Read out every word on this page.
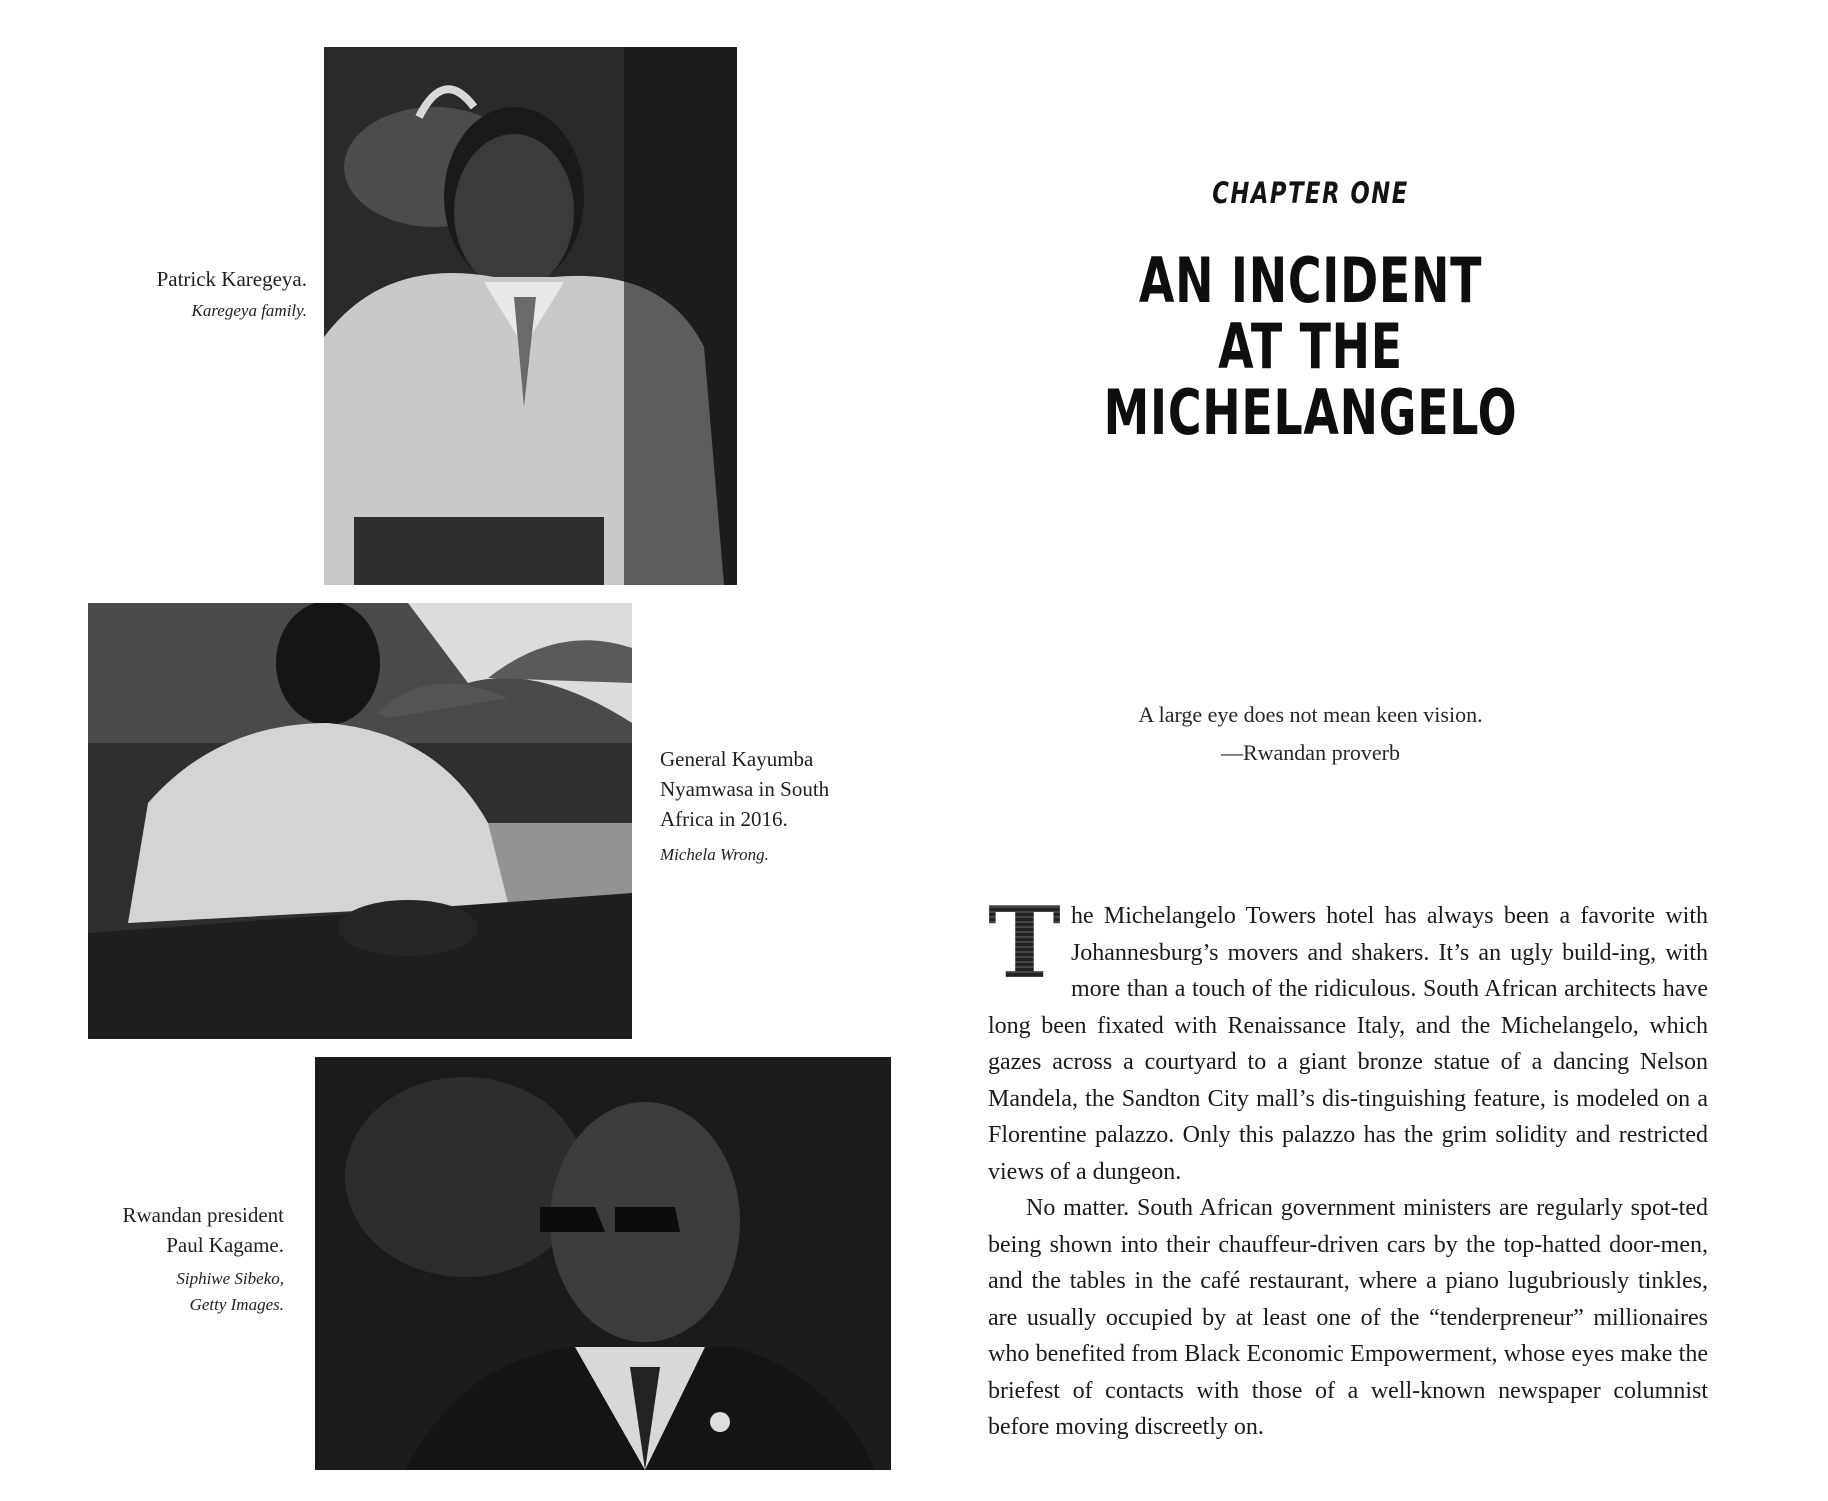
Patrick Karegeya.
Karegeya family.
General Kayumba
Nyamwasa in South
Africa in 2016.
Michela Wrong.
Rwandan president
Paul Kagame.
Siphiwe Sibeko,
Getty Images.
CHAPTER ONE
AN INCIDENT
AT THE MICHELANGELO
A large eye does not mean keen vision.
—Rwandan proverb

T he Michelangelo Towers hotel has always been a favorite with Johannesburg’s movers and shakers. It’s an ugly build-ing, with more than a touch of the ridiculous. South African architects have long been fixated with Renaissance Italy, and the Michelangelo, which gazes across a courtyard to a giant bronze statue of a dancing Nelson Mandela, the Sandton City mall’s dis-tinguishing feature, is modeled on a Florentine palazzo. Only this palazzo has the grim solidity and restricted views of a dungeon.

No matter. South African government ministers are regularly spot-ted being shown into their chauffeur-driven cars by the top-hatted door-men, and the tables in the café restaurant, where a piano lugubriously tinkles, are usually occupied by at least one of the “tenderpreneur” millionaires who benefited from Black Economic Empowerment, whose eyes make the briefest of contacts with those of a well-known newspaper columnist before moving discreetly on.
